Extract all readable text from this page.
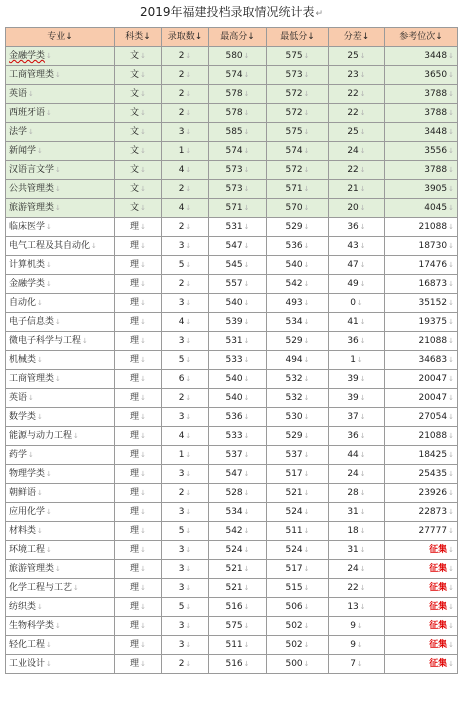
2019年福建投档录取情况统计表↵
专业↓	科类↓	录取数↓	最高分↓	最低分↓	分差↓	参考位次↓
金融学类↓	文↓	2↓	580↓	575↓	25↓	3448↓
工商管理类↓	文↓	2↓	574↓	573↓	23↓	3650↓
英语↓	文↓	2↓	578↓	572↓	22↓	3788↓
西班牙语↓	文↓	2↓	578↓	572↓	22↓	3788↓
法学↓	文↓	3↓	585↓	575↓	25↓	3448↓
新闻学↓	文↓	1↓	574↓	574↓	24↓	3556↓
汉语言文学↓	文↓	4↓	573↓	572↓	22↓	3788↓
公共管理类↓	文↓	2↓	573↓	571↓	21↓	3905↓
旅游管理类↓	文↓	4↓	571↓	570↓	20↓	4045↓
临床医学↓	理↓	2↓	531↓	529↓	36↓	21088↓
电气工程及其自动化↓	理↓	3↓	547↓	536↓	43↓	18730↓
计算机类↓	理↓	5↓	545↓	540↓	47↓	17476↓
金融学类↓	理↓	2↓	557↓	542↓	49↓	16873↓
自动化↓	理↓	3↓	540↓	493↓	0↓	35152↓
电子信息类↓	理↓	4↓	539↓	534↓	41↓	19375↓
微电子科学与工程↓	理↓	3↓	531↓	529↓	36↓	21088↓
机械类↓	理↓	5↓	533↓	494↓	1↓	34683↓
工商管理类↓	理↓	6↓	540↓	532↓	39↓	20047↓
英语↓	理↓	2↓	540↓	532↓	39↓	20047↓
数学类↓	理↓	3↓	536↓	530↓	37↓	27054↓
能源与动力工程↓	理↓	4↓	533↓	529↓	36↓	21088↓
药学↓	理↓	1↓	537↓	537↓	44↓	18425↓
物理学类↓	理↓	3↓	547↓	517↓	24↓	25435↓
朝鲜语↓	理↓	2↓	528↓	521↓	28↓	23926↓
应用化学↓	理↓	3↓	534↓	524↓	31↓	22873↓
材料类↓	理↓	5↓	542↓	511↓	18↓	27777↓
环境工程↓	理↓	3↓	524↓	524↓	31↓	征集↓
旅游管理类↓	理↓	3↓	521↓	517↓	24↓	征集↓
化学工程与工艺↓	理↓	3↓	521↓	515↓	22↓	征集↓
纺织类↓	理↓	5↓	516↓	506↓	13↓	征集↓
生物科学类↓	理↓	3↓	575↓	502↓	9↓	征集↓
轻化工程↓	理↓	3↓	511↓	502↓	9↓	征集↓
工业设计↓	理↓	2↓	516↓	500↓	7↓	征集↓
